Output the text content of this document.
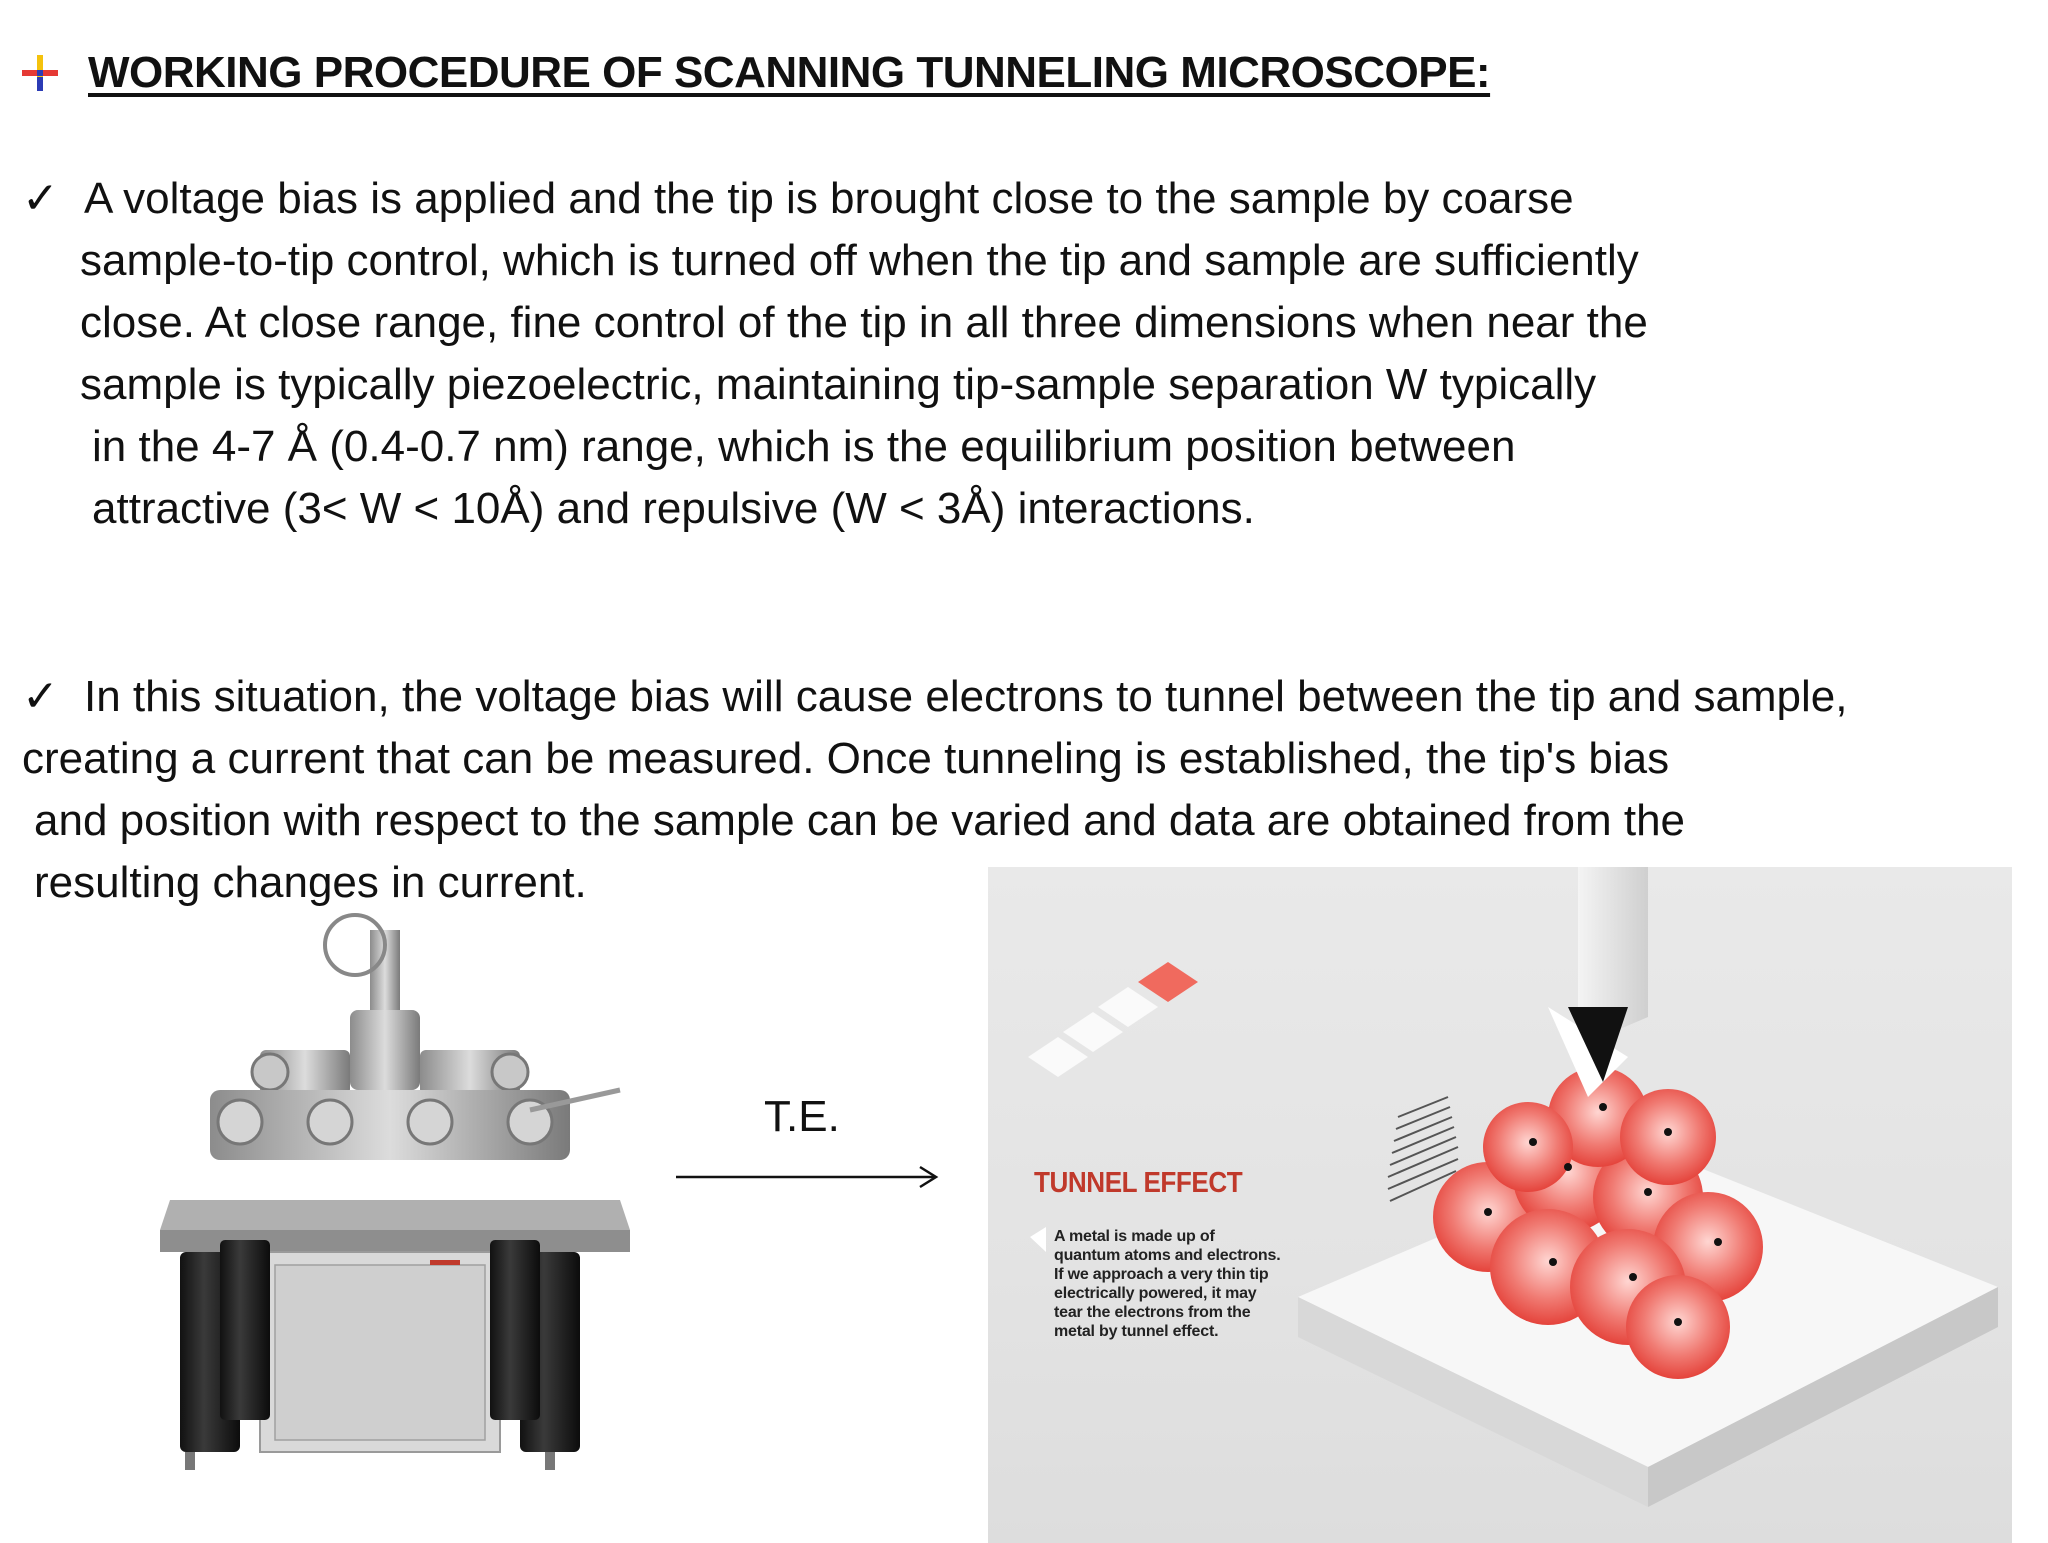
WORKING PROCEDURE OF SCANNING TUNNELING MICROSCOPE:
✓ A voltage bias is applied and the tip is brought close to the sample by coarse
sample-to-tip control, which is turned off when the tip and sample are sufficiently
close. At close range, fine control of the tip in all three dimensions when near the
sample is typically piezoelectric, maintaining tip-sample separation W typically
in the 4-7 Å (0.4-0.7 nm) range, which is the equilibrium position between
attractive (3< W < 10Å) and repulsive (W < 3Å) interactions.
✓ In this situation, the voltage bias will cause electrons to tunnel between the tip and sample,
creating a current that can be measured. Once tunneling is established, the tip's bias
and position with respect to the sample can be varied and data are obtained from the
resulting changes in current.
T.E.
TUNNEL EFFECT
A metal is made up of quantum atoms and electrons. If we approach a very thin tip electrically powered, it may tear the electrons from the metal by tunnel effect.
